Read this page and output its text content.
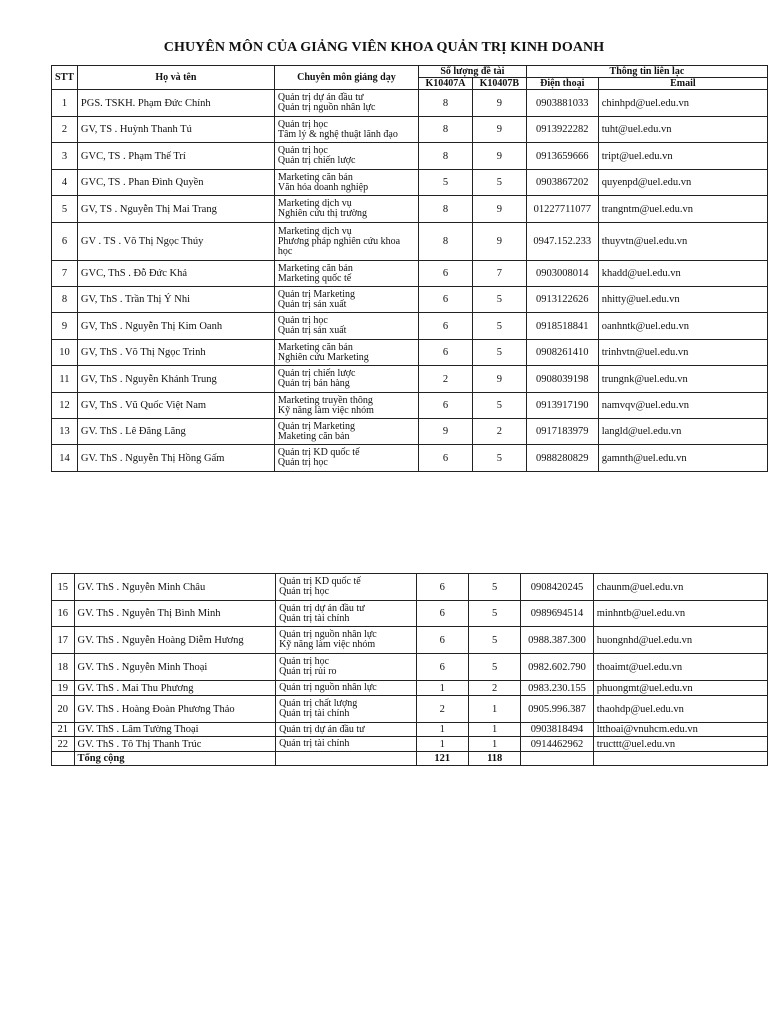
CHUYÊN MÔN CỦA GIẢNG VIÊN KHOA QUẢN TRỊ KINH DOANH
STT	Họ và tên	Chuyên môn giảng dạy	Số lượng đề tài		Thông tin liên lạc	
			K10407A	K10407B	Điện thoại	Email
1	PGS. TSKH. Phạm Đức Chính	Quản trị dự án đầu tư
Quản trị nguồn nhân lực	8	9	0903881033	chinhpd@uel.edu.vn
2	GV, TS . Huỳnh Thanh Tú	Quản trị học
Tâm lý & nghệ thuật lãnh đạo	8	9	0913922282	tuht@uel.edu.vn
3	GVC, TS . Phạm Thế Trí	Quản trị học
Quản trị chiến lược	8	9	0913659666	tript@uel.edu.vn
4	GVC, TS . Phan Đình Quyền	Marketing căn bản
Văn hóa doanh nghiệp	5	5	0903867202	quyenpd@uel.edu.vn
5	GV, TS . Nguyễn Thị Mai Trang	Marketing dịch vụ
Nghiên cứu thị trường	8	9	01227711077	trangntm@uel.edu.vn
6	GV . TS . Võ Thị Ngọc Thúy	Marketing dịch vụ
Phương pháp nghiên cứu khoa
học	8	9	0947.152.233	thuyvtn@uel.edu.vn
7	GVC, ThS . Đỗ Đức Khả	Marketing căn bản
Marketing quốc tế	6	7	0903008014	khadd@uel.edu.vn
8	GV, ThS . Trần Thị Ý Nhi	Quản trị Marketing
Quản trị sản xuất	6	5	0913122626	nhitty@uel.edu.vn
9	GV, ThS . Nguyễn Thị Kim Oanh	Quản trị học
Quản trị sản xuất	6	5	0918518841	oanhntk@uel.edu.vn
10	GV, ThS . Võ Thị Ngọc Trinh	Marketing căn bản
Nghiên cứu Marketing	6	5	0908261410	trinhvtn@uel.edu.vn
11	GV, ThS . Nguyễn Khánh Trung	Quản trị chiến lược
Quản trị bán hàng	2	9	0908039198	trungnk@uel.edu.vn
12	GV, ThS . Vũ Quốc Việt Nam	Marketing truyền thông
Kỹ năng làm việc nhóm	6	5	0913917190	namvqv@uel.edu.vn
13	GV. ThS . Lê Đăng Lăng	Quản trị Marketing
Maketing căn bản	9	2	0917183979	langld@uel.edu.vn
14	GV. ThS . Nguyễn Thị Hồng Gấm	Quản trị KD quốc tế
Quản trị học	6	5	0988280829	gamnth@uel.edu.vn
15	GV. ThS . Nguyễn Minh Châu	Quản trị KD quốc tế
Quản trị học	6	5	0908420245	chaunm@uel.edu.vn
16	GV. ThS . Nguyễn Thị Bình Minh	Quản trị dự án đầu tư
Quản trị tài chính	6	5	0989694514	minhntb@uel.edu.vn
17	GV. ThS . Nguyễn Hoàng Diễm Hương	Quản trị nguồn nhân lực
Kỹ năng làm việc nhóm	6	5	0988.387.300	huongnhd@uel.edu.vn
18	GV. ThS . Nguyễn Minh Thoại	Quản trị học
Quản trị rủi ro	6	5	0982.602.790	thoaimt@uel.edu.vn
19	GV. ThS . Mai Thu Phương	Quản trị nguồn nhân lực	1	2	0983.230.155	phuongmt@uel.edu.vn
20	GV. ThS . Hoàng Đoàn Phương Thảo	Quản trị chất lượng
Quản trị tài chính	2	1	0905.996.387	thaohdp@uel.edu.vn
21	GV. ThS . Lâm Tường Thoại	Quản trị dự án đầu tư	1	1	0903818494	ltthoai@vnuhcm.edu.vn
22	GV. ThS . Tô Thị Thanh Trúc	Quản trị tài chính	1	1	0914462962	tructtt@uel.edu.vn
	Tổng cộng		121	118		
